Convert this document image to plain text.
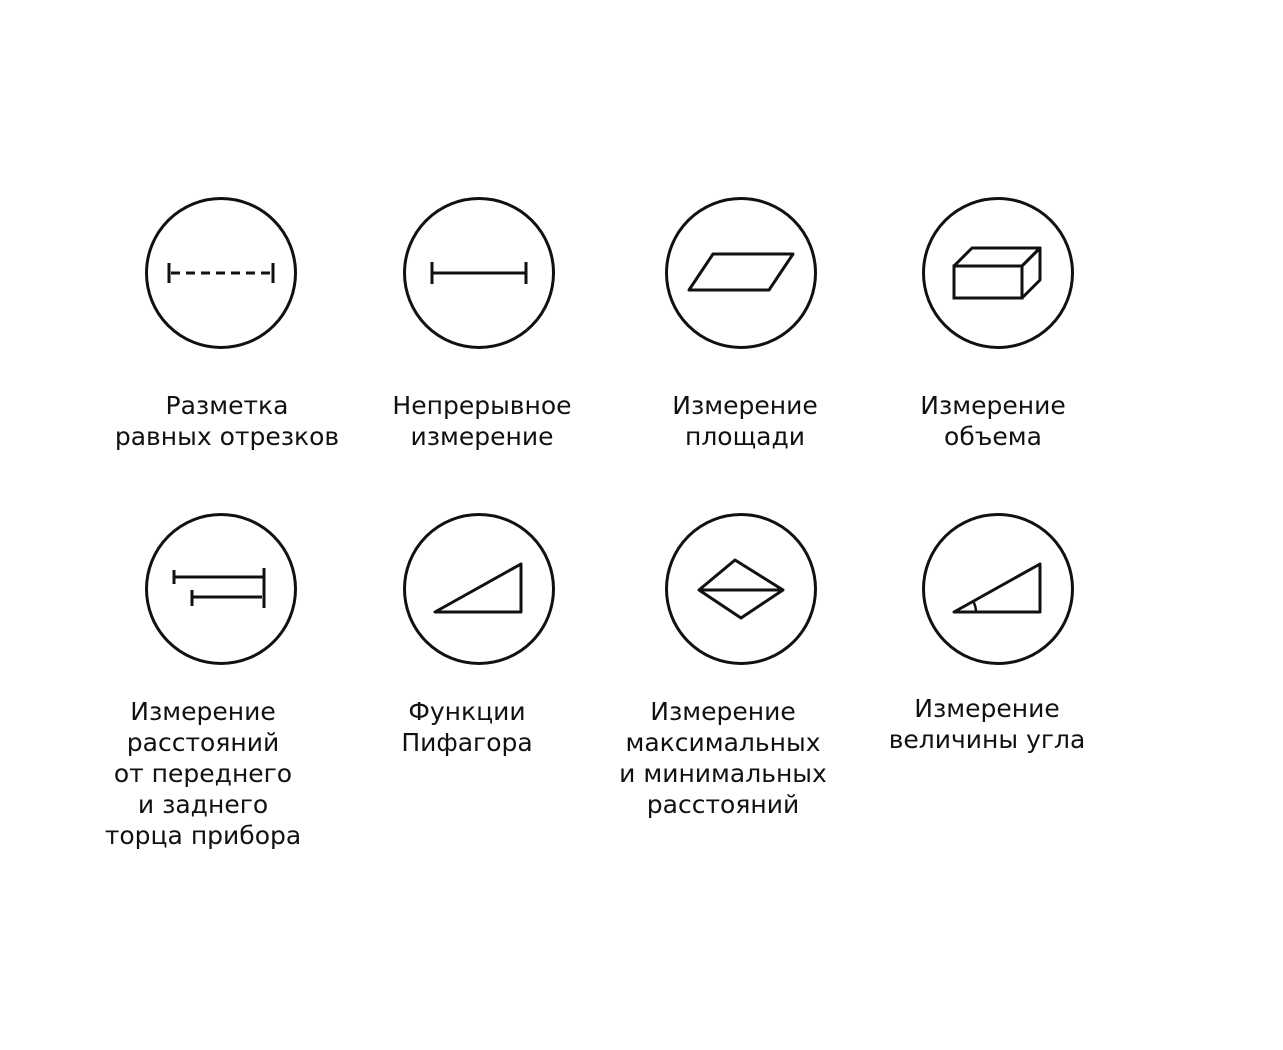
Разметка
равных отрезков
Непрерывное
измерение
Измерение
площади
Измерение
объема
Измерение
расстояний
от переднего
и заднего
торца прибора
Функции
Пифагора
Измерение
максимальных
и минимальных
расстояний
Измерение
величины угла
